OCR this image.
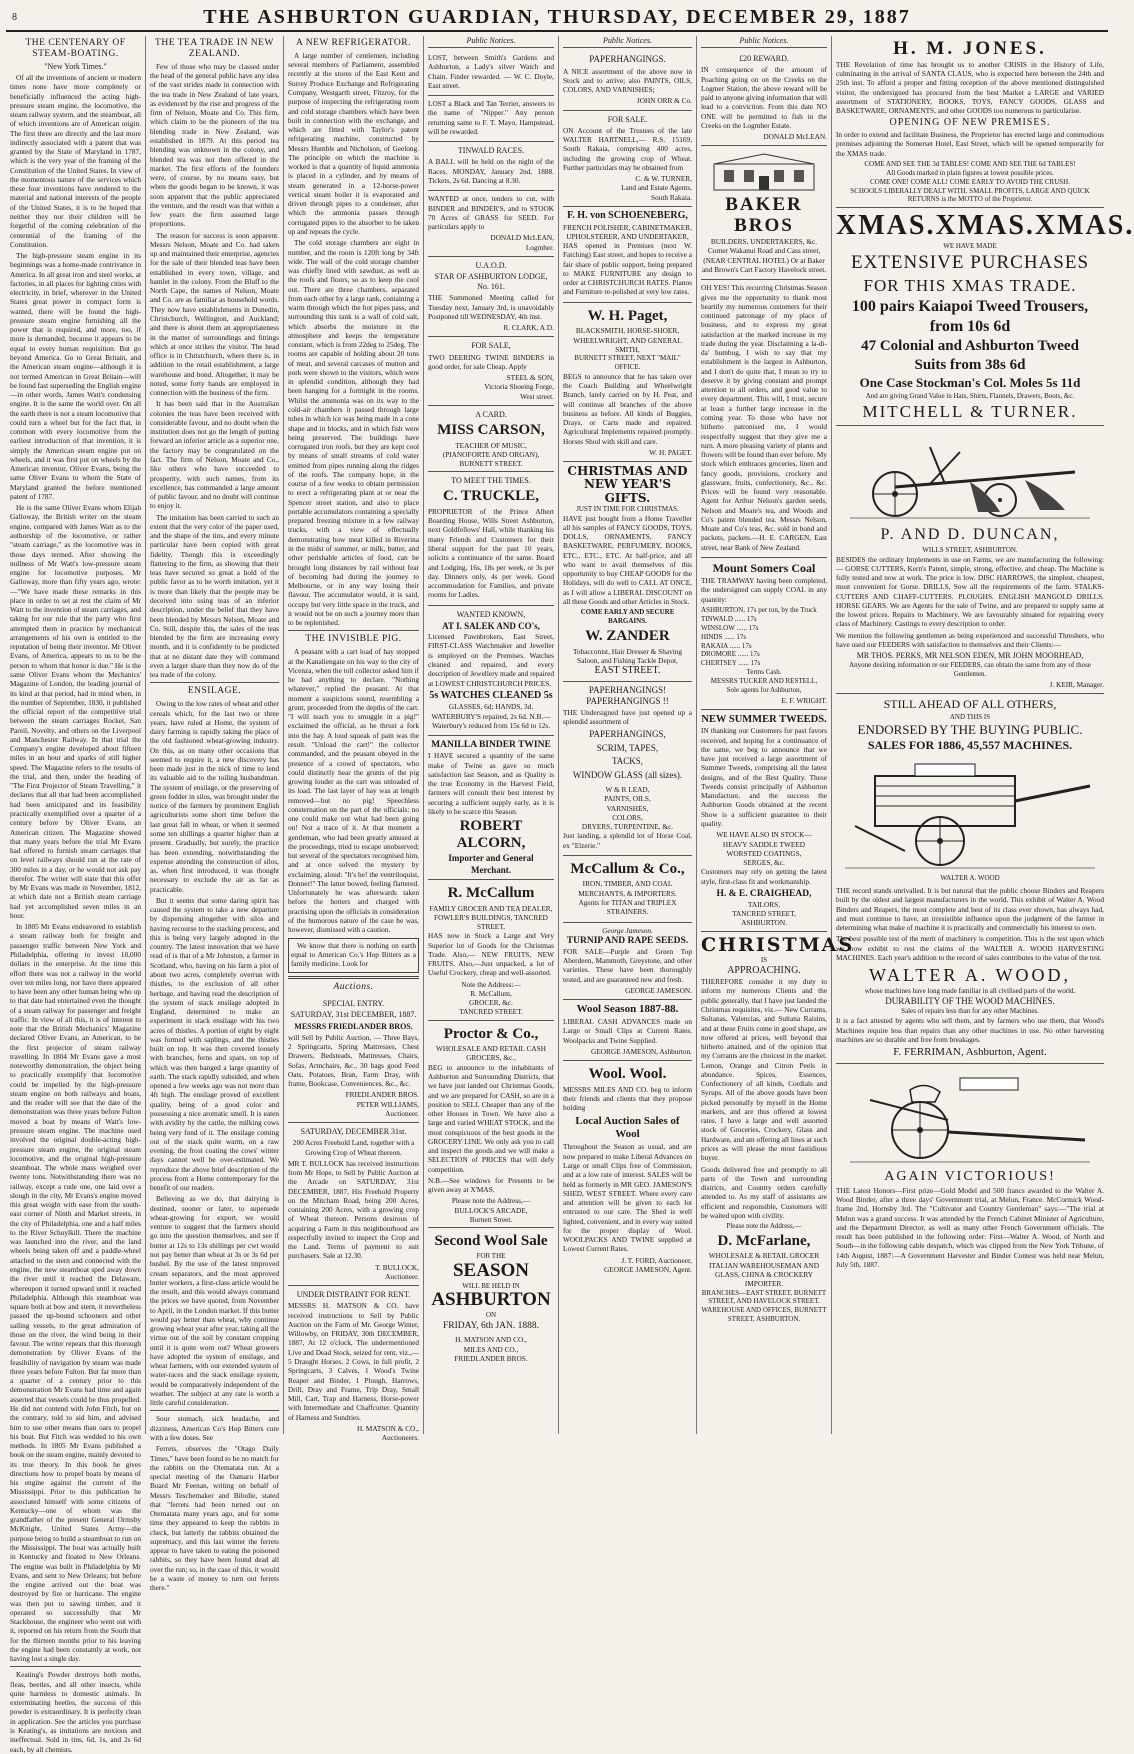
8	THE ASHBURTON GUARDIAN, THURSDAY, DECEMBER 29, 1887
THE CENTENARY OF STEAM-BOATING.
"New York Times."

Of all the inventions of ancient or modern times none have more completely or beneficially influenced the acting high-pressure steam engine, the locomotive, the steam railway system, and the steamboat, all of which inventions are of American origin. The first three are directly and the last more indirectly associated with a patent that was granted by the State of Maryland in 1787, which is the very year of the framing of the Constitution of the United States. In view of the momentous nature of the services which these four inventions have rendered to the material and national interests of the people of the United States, it is to be hoped that neither they nor their children will be forgetful of the coming celebration of the centennial of the framing of the Constitution.

The high-pressure steam engine in its beginnings was a home-made contrivance in America. In all great iron and steel works, at factories, in all places for lighting cities with electricity, in brief, wherever in the United States great power in compact form is wanted, there will be found the high-pressure steam engine furnishing all the power that is required, and more, too, if more is demanded, because it appears to be equal to every human requisition. But go beyond America. Go to Great Britain, and the American steam engine—although it is not termed American in Great Britain—will be found fast superseding the English engine—in other words, James Watt's condensing engine. It is the same the world over. On all the earth there is not a steam locomotive that could turn a wheel but for the fact that, in common with every locomotive from the earliest introduction of that invention, it is simply the American steam engine put on wheels, and it was first put on wheels by the American inventor, Oliver Evans, being the same Oliver Evans to whom the State of Maryland granted the before mentioned patent of 1787.

He is the same Oliver Evans whom Elijah Galloway, the British writer on the steam engine, compared with James Watt as to the authorship of the locomotive, or rather "steam carriage," as the locomotive was in those days termed. After showing the nullness of Mr Watt's low-pressure steam engine for locomotive purposes, Mr Galloway, more than fifty years ago, wrote:—"We have made these remarks in this place in order to set at rest the claim of Mr Watt to the invention of steam carriages, and taking for our rule that the party who first attempted them in practice by mechanical arrangements of his own is entitled to the reputation of being their inventor. Mr Oliver Evans, of America, appears to us to be the person to whom that honor is due." He is the same Oliver Evans whom the Mechanics' Magazine of London, the leading journal of its kind at that period, had in mind when, in the number of September, 1830, it published the official report of the competitive trial between the steam carriages Rocket, San Pareil, Novelty, and others on the Liverpool and Manchester Railway. In that trial the Company's engine developed about fifteen miles in an hour and sparks of still higher speed. The Magazine refers to the results of the trial, and then, under the heading of "The First Projector of Steam Travelling," it declares that all that had been accomplished had been anticipated and its feasibility practically exemplified over a quarter of a century before by Oliver Evans, an American citizen. The Magazine showed that many years before the trial Mr Evans had offered to furnish steam carriages that on level railways should run at the rate of 300 miles in a day, or he would not ask pay therefor. The writer will state that this offer by Mr Evans was made in November, 1812, at which date not a British steam carriage had yet accomplished seven miles in an hour.

In 1805 Mr Evans endeavored to establish a steam railway both for freight and passenger traffic between New York and Philadelphia, offering to invest 10,000 dollars in the enterprise. At the time this effort there was not a railway in the world over ten miles long, nor have there appeared to have been any other human being who up to that date had entertained even the thought of a steam railway for passenger and freight traffic. In view of all this, it is of interest to note that the British Mechanics' Magazine declared Oliver Evans, an American, to be the first projector of steam railway travelling. In 1804 Mr Evans gave a most noteworthy demonstration, the object being to practically exemplify that locomotive could be impelled by the high-pressure steam engine on both railways and boats, and the reader will see that the date of the demonstration was three years before Fulton moved a boat by means of Watt's low-pressure steam engine. The machine used involved the original double-acting high-pressure steam engine, the original steam locomotive, and the original high-pressure steamboat. The whole mass weighed over twenty tons. Notwithstanding there was no railway, except a rude one, one laid over a slough in the city, Mr Evans's engine moved this great weight with ease from the south-east corner of Ninth and Market streets, in the city of Philadelphia, one and a half miles to the River Schuylkill. There the machine was launched into the river, and the land wheels being taken off and a paddle-wheel attached to the stern and connected with the engine, the new steamboat sped away down the river until it reached the Delaware, whereupon it turned upward until it reached Philadelphia. Although this steamboat was square both at bow and stern, it nevertheless passed the up-bound schooners and other sailing vessels, to the great admiration of those on the river, the wind being in their favour. The writer repeats that this thorough demonstration by Oliver Evans of the feasibility of navigation by steam was made three years before Fulton. But far more than a quarter of a century prior to this demonstration Mr Evans had time and again asserted that vessels could be thus propelled. He did not contend with John Fitch, but on the contrary, told to aid him, and advised him to use other means than oars to propel his boat. But Fitch was wedded to his own methods. In 1805 Mr Evans published a book on the steam engine, mainly devoted to its true theory. In this book he gives directions how to propel boats by means of his engine against the current of the Mississippi. Prior to this publication he associated himself with some citizens of Kentucky—one of whom was the grandfather of the present General Ormsby McKnight, United States Army—the purpose being to build a steamboat to run on the Mississippi. The boat was actually built in Kentucky and floated to New Orleans. The engine was built in Philadelphia by Mr Evans, and sent to New Orleans; but before the engine arrived out the boat was destroyed by fire or hurricane. The engine was then put to sawing timber, and it operated so successfully that Mr Stackhouse, the engineer who went out with it, reported on his return from the South that for the thirteen months prior to his leaving the engine had been constantly at work, not having lost a single day.

Keating's Powder destroys both moths, fleas, beetles, and all other insects, while quite harmless to domestic animals. In exterminating beetles, the success of this powder is extraordinary. It is perfectly clean in application. See the articles you purchase is Keating's, as imitations are noxious and ineffectual. Sold in tins, 6d, 1s, and 2s 6d each, by all chemists.

THE TEA TRADE IN NEW ZEALAND.

Few of those who may be classed under the head of the general public have any idea of the vast strides made in connection with the tea trade in New Zealand of late years, as evidenced by the rise and progress of the firm of Nelson, Moate and Co. This firm, which claim to be the pioneers of the tea blending trade in New Zealand, was established in 1879. At this period tea blending was unknown in the colony, and blended tea was not then offered in the market. The first efforts of the founders were, of course, by no means easy, but when the goods began to be known, it was soon apparent that the public appreciated the venture, and the result was that within a few years the firm assumed large proportions.

The reason for success is soon apparent. Messrs Nelson, Moate and Co. had taken up and maintained their enterprise, agencies for the sale of their blended teas have been established in every town, village, and hamlet in the colony. From the Bluff to the North Cape, the names of Nelson, Moate and Co. are as familiar as household words. They now have establishments in Dunedin, Christchurch, Wellington, and Auckland; and there is about them an appropriateness in the matter of surroundings and fittings which at once strikes the visitor. The head office is in Christchurch, where there is, in addition to the retail establishment, a large warehouse and bond. Altogether, it may be noted, some forty hands are employed in connection with the business of the firm.

It has been said that in the Australian colonies the teas have been received with considerable favour, and no doubt when the institution does not go the length of putting forward an inferior article as a superior one, the factory may be congratulated on the fact. The firm of Nelson, Moate and Co., like others who have succeeded to prosperity, with such names, from its excellence, has commanded a large amount of public favour, and no doubt will continue to enjoy it.

The imitation has been carried to such an extent that the very color of the paper used, and the shape of the tins, and every minute particular have been copied with great fidelity. Though this is exceedingly flattering to the firm, as showing that their teas have secured so great a hold of the public favor as to be worth imitation, yet it is more than likely that the people may be deceived into using teas of an inferior description, under the belief that they have been blended by Messrs Nelson, Moate and Co. Still, despite this, the sales of the teas blended by the firm are increasing every month, and it is confidently to be predicted that at no distant date they will command even a larger share than they now do of the tea trade of the colony.

ENSILAGE.

Owing to the low rates of wheat and other cereals which, for the last two or three years, have ruled at Home, the system of dairy farming is rapidly taking the place of the old fashioned wheat-growing industry. On this, as on many other occasions that seemed to require it, a new discovery has been made just in the nick of time to lend its valuable aid to the toiling husbandman. The system of ensilage, or the preserving of green fodder in silos, was brought under the notice of the farmers by prominent English agriculturists some short time before the last great fall in wheat, or when it seemed some ten shillings a quarter higher than at present. Gradually, but surely, the practice has been extending, notwithstanding the expense attending the construction of silos, as, when first introduced, it was thought necessary to exclude the air as far as practicable.

But it seems that some daring spirit has caused the system to take a new departure by dispensing altogether with silos and having recourse to the stacking process, and this is being very largely adopted in the country. The latest innovation that we have read of is that of a Mr Johnston, a farmer in Scotland, who, having on his farm a plot of about two acres, completely overrun with thistles, to the exclusion of all other herbage, and having read the description of the system of stack ensilage adopted in England, determined to make an experiment in stack ensilage with his two acres of thistles. A portion of eight by eight was formed with saplings, and the thistles built on top. It was then covered loosely with branches, ferns and spars, on top of which was then banged a large quantity of earth. The stack rapidly subsided, and when opened a few weeks ago was not more than 4ft high. The ensilage proved of excellent quality, being of a good color and possessing a nice aromatic smell. It is eaten with avidity by the cattle, the milking cows being very fond of it. The ensilage coming out of the stack quite warm, on a raw evening, the frost coating the cows' winter days cannot well be over-estimated. We reproduce the above brief description of the process from a Home contemporary for the benefit of our readers.

Believing as we do, that dairying is destined, sooner or later, to supersede wheat-growing for export, we would venture to suggest that the farmers should go into the question themselves, and see if butter at 12s to 13s shillings per cwt would not pay better than wheat at 3s or 3s 6d per bushel. By the use of the latest improved cream separators, and the most approved butter workers, a first-class article would be the result, and this would always command the prices we have quoted, from November to April, in the London market. If this butter would pay better than wheat, why continue growing wheat year after year, taking all the virtue out of the soil by constant cropping until it is quite worn out? Wheat growers have adopted the system of ensilage, and wheat farmers, with our extended system of water-races and the stack ensilage system, would be comparatively independent of the weather. The subject at any rate is worth a little careful consideration.

Sour stomach, sick headache, and dizziness, American Co's Hop Bitters cure with a few doses. See

Ferrets, observes the "Otago Daily Times," have been found to be no match for the rabbits on the Otematata run. At a special meeting of the Oamaru Harbor Board Mr Feenan, writing on behalf of Messrs Teschemaker and Bilodie, stated that "ferrets had been turned out on Otematata many years ago, and for some time they appeared to keep the rabbits in check, but latterly the rabbits obtained the supremacy, and this last winter the ferrets appear to have taken to eating the poisoned rabbits, so they have been found dead all over the run; so, in the case of this, it would be a waste of money to turn out ferrets there."

A NEW REFRIGERATOR.

A large number of centlemen, including several members of Parliament, assembled recently at the stores of the East Kent and Surrey Produce Exchange and Refrigerating Company, Westgarth street, Fitzroy, for the purpose of inspecting the refrigerating room and cold storage chambers which have been built in connection with the exchange, and which are fitted with Taylor's patent refrigerating machine, constructed by Messrs Humble and Nicholson, of Geelong. The principle on which the machine is worked is that a quantity of liquid ammonia is placed in a cylinder, and by means of steam generated in a 12-horse-power vertical steam boiler it is evaporated and driven through pipes to a condenser, after which the ammonia passes through corrugated pipes to the absorber to be taken up and repeats the cycle.

The cold storage chambers are eight in number, and the room is 120ft long by 34ft wide. The wall of the cold storage chamber was chiefly lined with sawdust, as well as the roofs and floors, so as to keep the cool out. There are three chambers, separated from each other by a large tank, containing a warm through which the hot pipes pass, and surrounding this tank is a wall of cold salt, which absorbs the moisture in the atmosphere and keeps the temperature constant, which is from 22deg to 25deg. The rooms are capable of holding about 20 tons of meat, and several carcases of mutton and pork were shown to the visitors, which were in splendid condition, although they had been hanging for a fortnight in the rooms. Whilst the ammonia was on its way to the cold-air chambers it passed through large tubes in which ice was being made in a cone shape and in blocks, and in which fish were being preserved. The buildings have corrugated iron roofs, but they are kept cool by means of small streams of cold water emitted from pipes running along the ridges of the roofs. The company hope, in the course of a few weeks to obtain permission to erect a refrigerating plant at or near the Spencer street station, and also to place portable accumulators containing a specially prepared freezing mixture in a few railway trucks, with a view of effectually demonstrating how meat killed in Riverina in the midst of summer, or milk, butter, and other perishable articles of food, can be brought long distances by rail without fear of becoming bad during the journey to Melbourne, or in any way losing their flavour. The accumulator would, it is said, occupy but very little space in the truck, and it would not be on such a journey more than to be replenished.

THE INVISIBLE PIG.

A peasant with a cart load of hay stopped at the Kanaliengate on his way to the city of Vicenza, when the toll collector asked him if he had anything to declare. "Nothing whatever," replied the peasant. At that moment a suspicious sound, resembling a grunt, proceeded from the depths of the cart. "I will teach you to smuggle in a pig!" exclaimed the official, as he thrust a fork into the hay. A loud squeak of pain was the result. "Unload the cart!" the collector commanded, and the peasant obeyed in the presence of a crowd of spectators, who could distinctly hear the grunts of the pig growing louder as the cart was unloaded of its load. The last layer of hay was at length removed—but no pig! Speechless consternation on the part of the officials: no one could make out what had been going on! Not a trace of it. At that moment a gentleman, who had been greatly amused at the proceedings, tried to escape unobserved; but several of the spectators recognised him, and at once solved the mystery by exclaiming, aloud: "It's he! the ventriloquist, Donner!" The latter bowed, feeling flattered. Unfortunately he was afterwards taken before the hotters and charged with practising upon the officials in consideration of the humorous nature of the case he was, however, dismissed with a caution.

We know that there is nothing on earth equal to American Co.'s Hop Bitters as a family medicine. Look for

Auctions.
SPECIAL ENTRY.
SATURDAY, 31st DECEMBER, 1887.
MESSRS FRIEDLANDER BROS.

will Sell by Public Auction, — Three Bays, 2 Springcarts, Spring Mattresses, Chest Drawers, Bedsteads, Mattresses, Chairs, Sofas, Armchairs, &c., 30 bags good Feed Oats, Potatoes, Bran, Farm Dray, with frame, Bookcase, Conveniences, &c., &c.

FRIEDLANDER BROS.
PETER WILLIAMS,
Auctioneer.
SATURDAY, DECEMBER 31st.

200 Acres Freehold Land, together with a Growing Crop of Wheat thereon.

MR T. BULLOCK has received instructions from Mr Hope, to Sell by Public Auction at the Arcade on SATURDAY, 31st DECEMBER, 1887, His Freehold Property on the Mitcham Road, being 200 Acres, containing 200 Acres, with a growing crop of Wheat thereon. Persons desirous of acquiring a Farm in this neighbourhood are respectfully invited to inspect the Crop and the Land. Terms of payment to suit purchasers. Sale at 12.30.

T. BULLOCK,
Auctioneer.
UNDER DISTRAINT FOR RENT.

MESSRS H. MATSON & CO. have received instructions to Sell by Public Auction on the Farm of Mr. George Winter, Willowby, on FRIDAY, 30th DECEMBER, 1887, At 12 o'clock, The undermentioned Live and Dead Stock, seized for rent, viz.,— 5 Draught Horses, 2 Cows, in full profit, 2 Springcarts, 3 Calves, 1 Wood's Twine Reaper and Binder, 1 Plough, Harrows, Drill, Dray and Frame, Trip Dray, Small Mill, Cart, Trap and Harness, Horse-power with Intermediate and Chaffcutter. Quantity of Harness and Sundries.

H. MATSON & CO.,
Auctioneers.
Public Notices.

LOST, between Smith's Gardens and Ashburton, a Lady's silver Watch and Chain. Finder rewarded. — W. C. Doyle, East street.

LOST a Black and Tan Terrier, answers to the name of "Nipper." Any person returning same to F. T. Mayo, Hampstead, will be rewarded.

TINWALD RACES.

A BALL will be held on the night of the Races, MONDAY, January 2nd, 1888. Tickets, 2s 6d. Dancing at 8.30.

WANTED at once, tenders to cut, with BINDER and BINDER'S, and to STOOK 70 Acres of GRASS for SEED. For particulars apply to

DONALD McLEAN,
Logmher.
U.A.O.D.
STAR OF ASHBURTON LODGE, No. 161.

THE Summoned Meeting called for Tuesday next, January 3rd, is unavoidably Postponed till WEDNESDAY, 4th inst.

R. CLARK, A.D.
FOR SALE,

TWO DEERING TWINE BINDERS in good order, for sale Cheap. Apply

STEEL & SON,
Victoria Shoeing Forge,
West street.
A CARD.
MISS CARSON,
TEACHER OF MUSIC,
(PIANOFORTE AND ORGAN),
BURNETT STREET.
TO MEET THE TIMES.
C. TRUCKLE,

PROPRIETOR of the Prince Albert Boarding House, Wills Street Ashburton, next Goldfellows' Hall, while thanking his many Friends and Customers for their liberal support for the past 10 years, solicits a continuance of the same. Board and Lodging, 16s, 18s per week, or 3s per day. Dinners only, 4s per week. Good accommodation for Families, and private rooms for Ladies.

WANTED KNOWN,
AT I. SALEK AND CO's,

Licensed Pawnbrokers, East Street, FIRST-CLASS Watchmaker and Jeweller is employed on the Premises. Watches cleaned and repaired, and every description of Jewellery made and repaired at LOWEST CHRISTCHURCH PRICES.

5s WATCHES CLEANED 5s

GLASSES, 6d; HANDS, 3d. WATERBURY'S repaired, 2s 6d. N.B.—Waterbury's reduced from 15s 6d to 12s.

MANILLA BINDER TWINE

I HAVE secured a quantity of the same make of Twine as gave so much satisfaction last Season, and as Quality is the true Economy in the Harvest Field, farmers will consult their best interest by securing a sufficient supply early, as it is likely to be scarce this Season.

ROBERT ALCORN,
Importer and General Merchant.
R. McCallum
FAMILY GROCER AND TEA DEALER, FOWLER'S BUILDINGS, TANCRED STREET,

HAS now in Stock a Large and Very Superior lot of Goods for the Christmas Trade. Also,— NEW FRUITS, NEW FRUITS. Also,—Just unpacked, a lot of Useful Crockery, cheap and well-assorted.

Note the Address:—
R. McCallum,
GROCER, &c.
TANCRED STREET.
Proctor & Co.,
WHOLESALE AND RETAIL CASH GROCERS, &c.,

BEG to announce to the inhabitants of Ashburton and Surrounding Districts, that we have just landed our Christmas Goods, and we are prepared for CASH, so are in a position to SELL Cheaper than any of the other Houses in Town. We have also a large and varied WHEAT STOCK, and the most conspicuous of the best goods in the GROCERY LINE. We only ask you to call and inspect the goods and we will make a SELECTION of PRICES that will defy competition.

N.B.—See windows for Presents to be given away at X'MAS.

Please note the Address,—
BULLOCK'S ARCADE,
Burnett Street.
Second Wool Sale
FOR THE
SEASON
WILL BE HELD IN
ASHBURTON
ON
FRIDAY, 6th JAN. 1888.
H. MATSON AND CO.,
MILES AND CO.,
FRIEDLANDER BROS.
Public Notices.
PAPERHANGINGS.

A NICE assortment of the above now in Stock and to arrive; also PAINTS, OILS, COLORS, AND VARNISHES;

JOHN ORR & Co.
FOR SALE.

ON Account of the Trustees of the late WALTER HARTNELL,— R.S. 15169, South Rakaia, comprising 400 acres, including the growing crop of Wheat. Further particulars may be obtained from

C. & W. TURNER,
Land and Estate Agents,
South Rakaia.
F. H. von SCHOENEBERG,
FRENCH POLISHER, CABINETMAKER, UPHOLSTERER, AND UNDERTAKER,

HAS opened in Premises (next W. Fatching) East street, and hopes to receive a fair share of public support, being prepared to MAKE FURNITURE any design to order at CHRISTCHURCH RATES. Pianos and Furniture re-polished at very low rates.

W. H. Paget,
BLACKSMITH, HORSE-SHOER, WHEELWRIGHT, AND GENERAL SMITH,
BURNETT STREET, NEXT "MAIL" OFFICE.

BEGS to announce that he has taken over the Coach Building and Wheelwright Branch, lately carried on by H. Peat, and will continue all branches of the above business as before. All kinds of Buggies, Drays, or Carts made and repaired. Agricultural Implements repaired promptly. Horses Shod with skill and care.

W. H. PAGET.
CHRISTMAS AND NEW YEAR'S GIFTS.
JUST IN TIME FOR CHRISTMAS.

HAVE just bought from a Home Traveller all his samples of FANCY GOODS, TOYS, DOLLS, ORNAMENTS, FANCY BASKETWARE, PERFUMERY, BOOKS, ETC., ETC., ETC. At half-price, and all who want to avail themselves of this opportunity to buy CHEAP GOODS for the Holidays, will do well to CALL AT ONCE, as I will allow a LIBERAL DISCOUNT on all these Goods and other Articles in Stock.

COME EARLY AND SECURE BARGAINS.
W. ZANDER
Tobacconist, Hair Dresser & Shaving Saloon, and Fishing Tackle Depot,
EAST STREET.
PAPERHANGINGS!
PAPERHANGINGS !!

THE Undersigned have just opened up a splendid assortment of

PAPERHANGINGS,
SCRIM, TAPES,
TACKS,
WINDOW GLASS (all sizes).
W & R LEAD,
PAINTS, OILS,
VARNISHES,
COLORS,
DRYERS, TURPENTINE, &c.

Just landing, a splendid lot of Horse Coal, ex "Elzerie."

McCallum & Co.,
IRON, TIMBER, AND COAL MERCHANTS, & IMPORTERS.

Agents for TITAN and TRIPLEX STRAINERS.

George Jameson.
TURNIP AND RAPE SEEDS.

FOR SALE—Purple and Green Top Aberdeen, Mammoth, Greystone, and other varieties. These have been thoroughly tested, and are guaranteed new and fresh.

GEORGE JAMESON.
Wool Season 1887-88.

LIBERAL CASH ADVANCES made on Large or Small Clips at Current Rates. Woolpacks and Twine Supplied.

GEORGE JAMESON, Ashburton.
Wool. Wool.

MESSRS MILES AND CO. beg to inform their friends and clients that they propose holding

Local Auction Sales of Wool

Throughout the Season as usual, and are now prepared to make Liberal Advances on Large or small Clips free of Commission, and at a low rate of interest. SALES will be held as formerly in MR GEO. JAMESON'S SHED, WEST STREET. Where every care and attention will be given to each lot entrusted to our care. The Shed is well lighted, convenient, and in every way suited for the proper display of Wool. WOOLPACKS AND TWINE supplied at Lowest Current Rates.

J. T. FORD, Auctioneer,
GEORGE JAMESON, Agent.
Public Notices.
£20 REWARD.

IN consequence of the amount of Poaching going on on the Creeks on the Logmer Station, the above reward will be paid to anyone giving information that will lead to a conviction. From this date NO ONE will be permitted to fish in the Creeks on the Logmher Estate.

DONALD McLEAN.
BAKER BROS
BUILDERS, UNDERTAKERS, &c.

Corner Wakanui Road and Cass street, (NEAR CENTRAL HOTEL) Or at Baker and Brown's Cart Factory Havelock street.

OH YES! This recurring Christmas Season gives me the opportunity to thank most heartily my numerous customers for their continued patronage of my place of business, and to express my great satisfaction at the marked increase in my trade during the year. Disclaiming a la-di-da' humbug, I wish to say that my establishment is the largest in Ashburton, and I don't do quite that, I mean to try to deserve it by giving constant and prompt attention to all orders, and good value to every department. This will, I trust, secure at least a further large increase in the coming year. To those who have not hitherto patronised me, I would respectfully suggest that they give me a turn. A more pleasing variety of plants and flowers will be found than ever before. My stock which embraces groceries, linen and fancy goods, provisions, crockery and glassware, fruits, confectionery, &c., &c. Prices will be found very reasonable. Agent for Arthur Nelson's garden seeds, Nelson and Moate's tea, and Woods and Co's patent blended tea. Messrs Nelson, Moate and Co's teas, &c. sold in bond and packets, packets.—H. E. CARGEN, East street, near Bank of New Zealand.

Mount Somers Coal

THE TRAMWAY having been completed, the undersigned can supply COAL in any quantity:

ASHBURTON, 17s per ton, by the Truck
TINWALD ...... 17s
WINSLOW ...... 17s
HINDS ...... 17s
RAKAIA ...... 17s
DROMORE ...... 17s
CHERTSEY ...... 17s
Terms Cash.
MESSRS TUCKER AND RESTELL,
Sole agents for Ashburton,
E. F. WRIGHT.
NEW SUMMER TWEEDS.

IN thanking our Customers for past favors received, and hoping for a continuance of the same, we beg to announce that we have just received a large assortment of Summer Tweeds, comprising all the latest designs, and of the Best Quality. These Tweeds consist principally of Ashburton Manufacture, and the success the Ashburton Goods obtained at the recent Show is a sufficient guarantee to their quality.

WE HAVE ALSO IN STOCK—
HEAVY SADDLE TWEED
WORSTED COATINGS,
SERGES, &c.

Customers may rely on getting the latest style, first-class fit and workmanship.

H. & E. CRAIGHEAD,
TAILORS,
TANCRED STREET,
ASHBURTON.
CHRISTMAS
IS
APPROACHING.

THEREFORE consider it my duty to inform my numerous Clients and the public generally, that I have just landed the Christmas requisites, viz.— New Currants, Sultanas, Valencias, and Sultana Raisins, and at these Fruits come in good shape, are now offered at prices, well beyond that hitherto attained, and of the opinion that my Currants are the choicest in the market. Lemon, Orange and Citron Peels in abundance. Spices, Essences, Confectionery of all kinds, Cordials and Syrups. All of the above goods have been picked personally by myself in the Home markets, and are thus offered at lowest rates. I have a large and well assorted stock of Groceries, Crockery, Glass and Hardware, and am offering all lines at such prices as will please the most fastidious buyer.

Goods delivered free and promptly to all parts of the Town and surrounding districts, and Country orders carefully attended to. As my staff of assistants are efficient and responsible, Customers will be waited upon with civility.

Please note the Address,—
D. McFarlane,
WHOLESALE & RETAIL GROCER
ITALIAN WAREHOUSEMAN AND GLASS, CHINA & CROCKERY IMPORTER.
BRANCHES—EAST STREET, BURNETT STREET, AND HAVELOCK STREET.
WAREHOUSE AND OFFICES, BURNETT STREET, ASHBURTON.
H. M. JONES.

THE Revelation of time has brought us to another CRISIS in the History of Life, culminating in the arrival of SANTA CLAUS, who is expected here between the 24th and 25th inst. To afford a proper and fitting reception of the above mentioned distinguished visitor, the undersigned has procured from the best Market a LARGE and VARIED assortment of STATIONERY, BOOKS, TOYS, FANCY GOODS, GLASS and BASKETWARE, ORNAMENTS, and other GOODS too numerous to particularise.

OPENING OF NEW PREMISES.

In order to extend and facilitate Business, the Proprietor has erected large and commodious premises adjoining the Somerset Hotel, East Street, which will be opened temporarily for the XMAS trade.

COME AND SEE THE 3d TABLES! COME AND SEE THE 6d TABLES!
All Goods marked in plain figures at lowest possible prices.
COME ONE! COME ALL! COME EARLY TO AVOID THE CRUSH.
SCHOOLS LIBERALLY DEALT WITH. SMALL PROFITS, LARGE AND QUICK RETURNS is the MOTTO of the Proprietor.
XMAS. XMAS. XMAS.
WE HAVE MADE
EXTENSIVE PURCHASES
FOR THIS XMAS TRADE.
100 pairs Kaiapoi Tweed Trousers,
from 10s 6d
47 Colonial and Ashburton Tweed
Suits from 38s 6d
One Case Stockman's Col. Moles 5s 11d
And are giving Grand Value in Hats, Shirts, Flannels, Drawers, Boots, &c.
MITCHELL & TURNER.
P. AND D. DUNCAN,
WILLS STREET, ASHBURTON.

BESIDES the ordinary Implements in use on Farms, we are manufacturing the following:— GORSE CUTTERS, Kern's Patent, simple, strong, effective, and cheap. The Machine is fully tested and now at work. The price is low. DISC HARROWS, the simplest, cheapest, most convenient for Gorse. DRILLS, Sow all the requirements of the farm. STALKS-CUTTERS AND CHAFF-CUTTERS. PLOUGHS. ENGLISH MANGOLD DRILLS. HORSE GEARS. We are Agents for the sale of Twine, and are prepared to supply same at the lowest prices. Repairs to Machinery. We are favourably situated for repairing every class of Machinery. Castings to every description to order.

We mention the following gentlemen as being experienced and successful Threshers, who have used our FEEDERS with satisfaction to themselves and their Clients:—

MR THOS. PERKS, MR NELSON EDEN, MR JOHN MOORHEAD,
Anyone desiring information re our FEEDERS, can obtain the same from any of those Gentlemen.
J. KEIR, Manager.
STILL AHEAD OF ALL OTHERS,
AND THIS IS
ENDORSED BY THE BUYING PUBLIC.
SALES FOR 1886, 45,557 MACHINES.
WALTER A. WOOD

THE record stands unrivalled. It is but natural that the public choose Binders and Reapers built by the oldest and largest manufacturers in the world. This exhibit of Walter A. Wood Binders and Reapers, the most complete and best of its class ever shown, has always had, and must continue to have, an irresistible influence upon the judgment of the farmer in determining what make of machine it is practically and commercially his interest to own.

The best possible test of the merit of machinery is competition. This is the test upon which we now exhibit to rest the claims of the WALTER A. WOOD HARVESTING MACHINES. Each year's addition to the record of sales contributes to the value of the test.

WALTER A. WOOD,
whose machines have long made familiar in all civilised parts of the world.
DURABILITY OF THE WOOD MACHINES.
Sales of repairs less than for any other Machines.

It is a fact attested by agents who sell them, and by farmers who use them, that Wood's Machines require less than repairs than any other machines in use. No other harvesting machines are so durable and free from breakages.

F. FERRIMAN, Ashburton, Agent.
AGAIN VICTORIOUS!

THE Latest Honors—First prize—Gold Model and 500 francs awarded to the Walter A. Wood Binder, after a three days' Government trial, at Melun, France. McCormick Wood-frame 2nd, Hornsby 3rd. The "Cultivator and Country Gentleman" says:—"The trial at Melun was a grand success. It was attended by the French Cabinet Minister of Agriculture, and the Department Director, as well as many other French Government officials. The result has been published in the following order: First—Walter A. Wood, of North and South—in the following cable despatch, which was clipped from the New York Tribune, of 14th August, 1887:—A Government Harvester and Binder Contest was held near Melun, July 5th, 1887.
